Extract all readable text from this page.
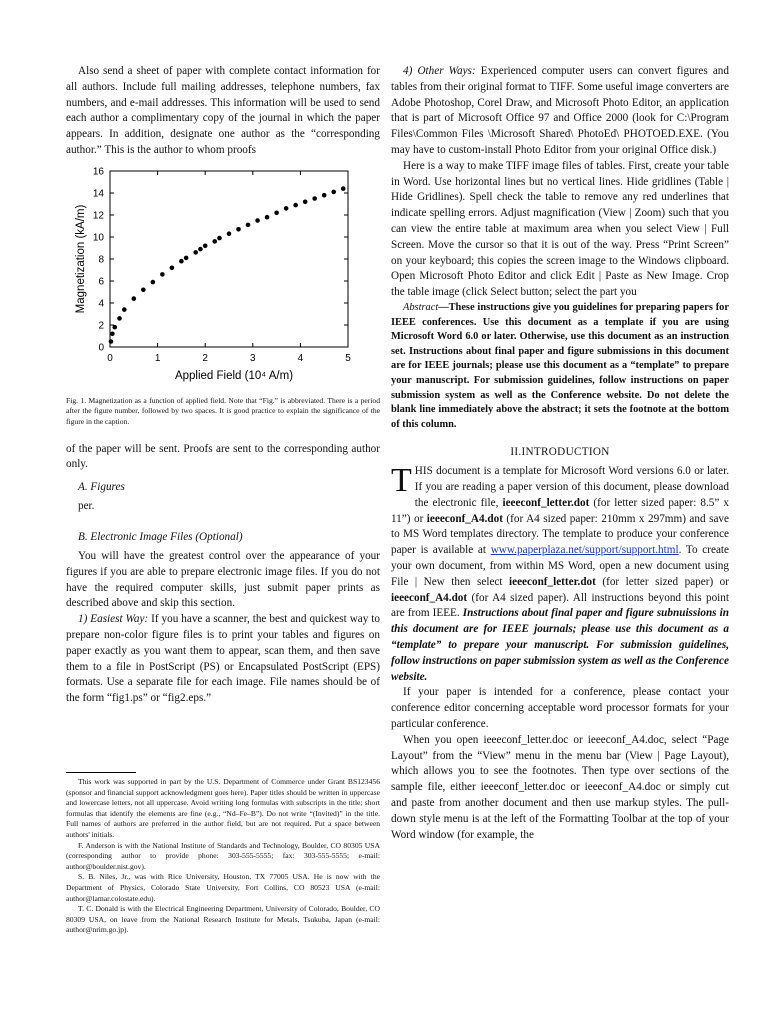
Also send a sheet of paper with complete contact information for all authors. Include full mailing addresses, telephone numbers, fax numbers, and e-mail addresses. This information will be used to send each author a complimentary copy of the journal in which the paper appears. In addition, designate one author as the “corresponding author.” This is the author to whom proofs

0	1	2	3	4	5
0
2
4
6
8
10
12
14
16
Applied Field (10⁴ A/m)
Magnetization (kA/m)

Fig. 1. Magnetization as a function of applied field. Note that “Fig.” is abbreviated. There is a period after the figure number, followed by two spaces. It is good practice to explain the significance of the figure in the caption.

of the paper will be sent. Proofs are sent to the corresponding author only.

A. Figures

per.

B. Electronic Image Files (Optional)

You will have the greatest control over the appearance of your figures if you are able to prepare electronic image files. If you do not have the required computer skills, just submit paper prints as described above and skip this section.

1) Easiest Way: If you have a scanner, the best and quickest way to prepare non-color figure files is to print your tables and figures on paper exactly as you want them to appear, scan them, and then save them to a file in PostScript (PS) or Encapsulated PostScript (EPS) formats. Use a separate file for each image. File names should be of the form “fig1.ps” or “fig2.eps.”

This work was supported in part by the U.S. Department of Commerce under Grant BS123456 (sponsor and financial support acknowledgment goes here). Paper titles should be written in uppercase and lowercase letters, not all uppercase. Avoid writing long formulas with subscripts in the title; short formulas that identify the elements are fine (e.g., “Nd–Fe–B”). Do not write “(Invited)” in the title. Full names of authors are preferred in the author field, but are not required. Put a space between authors' initials.

F. Anderson is with the National Institute of Standards and Technology, Boulder, CO 80305 USA (corresponding author to provide phone: 303-555-5555; fax: 303-555-5555; e-mail: author@boulder.nist.gov).

S. B. Niles, Jr., was with Rice University, Houston, TX 77005 USA. He is now with the Department of Physics, Colorado State University, Fort Collins, CO 80523 USA (e-mail: author@lamar.colostate.edu).

T. C. Donald is with the Electrical Engineering Department, University of Colorado, Boulder, CO 80309 USA, on leave from the National Research Institute for Metals, Tsukuba, Japan (e-mail: author@nrim.go.jp).

4) Other Ways: Experienced computer users can convert figures and tables from their original format to TIFF. Some useful image converters are Adobe Photoshop, Corel Draw, and Microsoft Photo Editor, an application that is part of Microsoft Office 97 and Office 2000 (look for C:\Program Files\Common Files \Microsoft Shared\ PhotoEd\ PHOTOED.EXE. (You may have to custom-install Photo Editor from your original Office disk.)

Here is a way to make TIFF image files of tables. First, create your table in Word. Use horizontal lines but no vertical lines. Hide gridlines (Table | Hide Gridlines). Spell check the table to remove any red underlines that indicate spelling errors. Adjust magnification (View | Zoom) such that you can view the entire table at maximum area when you select View | Full Screen. Move the cursor so that it is out of the way. Press “Print Screen” on your keyboard; this copies the screen image to the Windows clipboard. Open Microsoft Photo Editor and click Edit | Paste as New Image. Crop the table image (click Select button; select the part you

Abstract—These instructions give you guidelines for preparing papers for IEEE conferences. Use this document as a template if you are using Microsoft Word 6.0 or later. Otherwise, use this document as an instruction set. Instructions about final paper and figure submissions in this document are for IEEE journals; please use this document as a “template” to prepare your manuscript. For submission guidelines, follow instructions on paper submission system as well as the Conference website. Do not delete the blank line immediately above the abstract; it sets the footnote at the bottom of this column.

II.INTRODUCTION

THIS document is a template for Microsoft Word versions 6.0 or later. If you are reading a paper version of this document, please download the electronic file, ieeeconf_letter.dot (for letter sized paper: 8.5” x 11”) or ieeeconf_A4.dot (for A4 sized paper: 210mm x 297mm) and save to MS Word templates directory. The template to produce your conference paper is available at www.paperplaza.net/support/support.html. To create your own document, from within MS Word, open a new document using File | New then select ieeeconf_letter.dot (for letter sized paper) or ieeeconf_A4.dot (for A4 sized paper). All instructions beyond this point are from IEEE. Instructions about final paper and figure subnuissions in this document are for IEEE journals; please use this document as a “template” to prepare your manuscript. For submission guidelines, follow instructions on paper submission system as well as the Conference website.

If your paper is intended for a conference, please contact your conference editor concerning acceptable word processor formats for your particular conference.

When you open ieeeconf_letter.doc or ieeeconf_A4.doc, select “Page Layout” from the “View” menu in the menu bar (View | Page Layout), which allows you to see the footnotes. Then type over sections of the sample file, either ieeeconf_letter.doc or ieeeconf_A4.doc or simply cut and paste from another document and then use markup styles. The pull-down style menu is at the left of the Formatting Toolbar at the top of your Word window (for example, the
